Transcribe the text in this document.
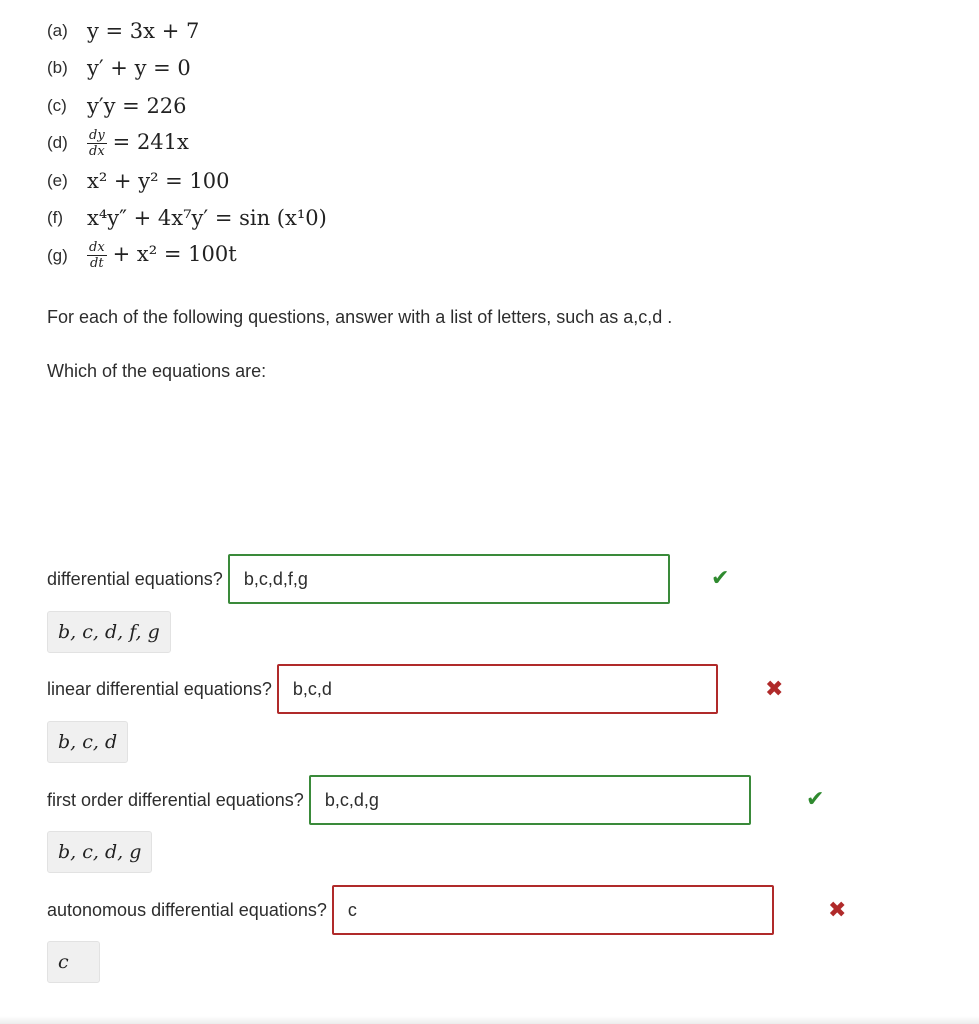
(a) y = 3x + 7
(b) y′ + y = 0
(c) y′y = 226
(d)	$\frac{dy}{dx} = 241x$
(e) x² + y² = 100
(f)	x⁴y″ + 4x⁷y′ = sin (x¹0)
(g)	$\frac{dx}{dt} + x^2 = 100t$
For each of the following questions, answer with a list of letters, such as a,c,d .
Which of the equations are:
differential equations?
b,c,d,f,g	✔
b, c, d, f, g
linear differential equations?
b,c,d	✖
b, c, d
first order differential equations?
b,c,d,g	✔
b, c, d, g
autonomous differential equations?
c	✖
c
